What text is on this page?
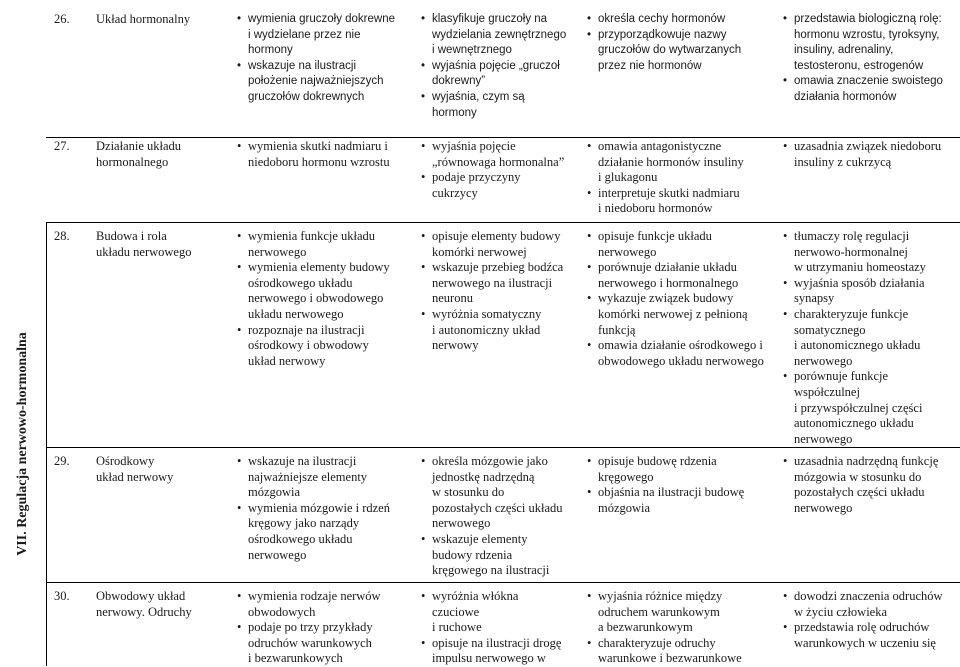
VII. Regulacja nerwowo-hormonalna
26. Układ hormonalny
•	wymienia gruczoły dokrewne
i wydzielane przez nie
hormony
• wskazuje na ilustracji
położenie najważniejszych
gruczołów dokrewnych
• klasyfikuje gruczoły na
wydzielania zewnętrznego
i wewnętrznego
• wyjaśnia pojęcie „gruczoł
dokrewny”
• wyjaśnia, czym są
hormony
• określa cechy hormonów
• przyporządkowuje nazwy
gruczołów do wytwarzanych
przez nie hormonów
• przedstawia biologiczną rolę:
hormonu wzrostu, tyroksyny,
insuliny, adrenaliny,
testosteronu, estrogenów
• omawia znaczenie swoistego
działania hormonów
27. Działanie układu
hormonalnego
• wymienia skutki nadmiaru i
niedoboru hormonu wzrostu
• wyjaśnia pojęcie
„równowaga hormonalna”
• podaje przyczyny
cukrzycy
• omawia antagonistyczne
działanie hormonów insuliny
i glukagonu
• interpretuje skutki nadmiaru
i niedoboru hormonów
• uzasadnia związek niedoboru
insuliny z cukrzycą
28. Budowa i rola
układu nerwowego
• wymienia funkcje układu
nerwowego
• wymienia elementy budowy
ośrodkowego układu
nerwowego i obwodowego
układu nerwowego
• rozpoznaje na ilustracji
ośrodkowy i obwodowy
układ nerwowy
• opisuje elementy budowy
komórki nerwowej
• wskazuje przebieg bodźca
nerwowego na ilustracji
neuronu
• wyróżnia somatyczny
i autonomiczny układ
nerwowy
• opisuje funkcje układu
nerwowego
• porównuje działanie układu
nerwowego i hormonalnego
• wykazuje związek budowy
komórki nerwowej z pełnioną
funkcją
• omawia działanie ośrodkowego i
obwodowego układu nerwowego
• tłumaczy rolę regulacji
nerwowo-hormonalnej
w utrzymaniu homeostazy
• wyjaśnia sposób działania
synapsy
• charakteryzuje funkcje
somatycznego
i autonomicznego układu
nerwowego
• porównuje funkcje
współczulnej
i przywspółczulnej części
autonomicznego układu
nerwowego
29. Ośrodkowy
układ nerwowy
• wskazuje na ilustracji
najważniejsze elementy
mózgowia
• wymienia mózgowie i rdzeń
kręgowy jako narządy
ośrodkowego układu
nerwowego
• określa mózgowie jako
jednostkę nadrzędną
w stosunku do
pozostałych części układu
nerwowego
• wskazuje elementy
budowy rdzenia
kręgowego na ilustracji
• opisuje budowę rdzenia
kręgowego
• objaśnia na ilustracji budowę
mózgowia
• uzasadnia nadrzędną funkcję
mózgowia w stosunku do
pozostałych części układu
nerwowego
30. Obwodowy układ
nerwowy. Odruchy
• wymienia rodzaje nerwów
obwodowych
• podaje po trzy przykłady
odruchów warunkowych
i bezwarunkowych
• wyróżnia włókna
czuciowe
i ruchowe
• opisuje na ilustracji drogę
impulsu nerwowego w
• wyjaśnia różnice między
odruchem warunkowym
a bezwarunkowym
• charakteryzuje odruchy
warunkowe i bezwarunkowe
• dowodzi znaczenia odruchów
w życiu człowieka
• przedstawia rolę odruchów
warunkowych w uczeniu się
